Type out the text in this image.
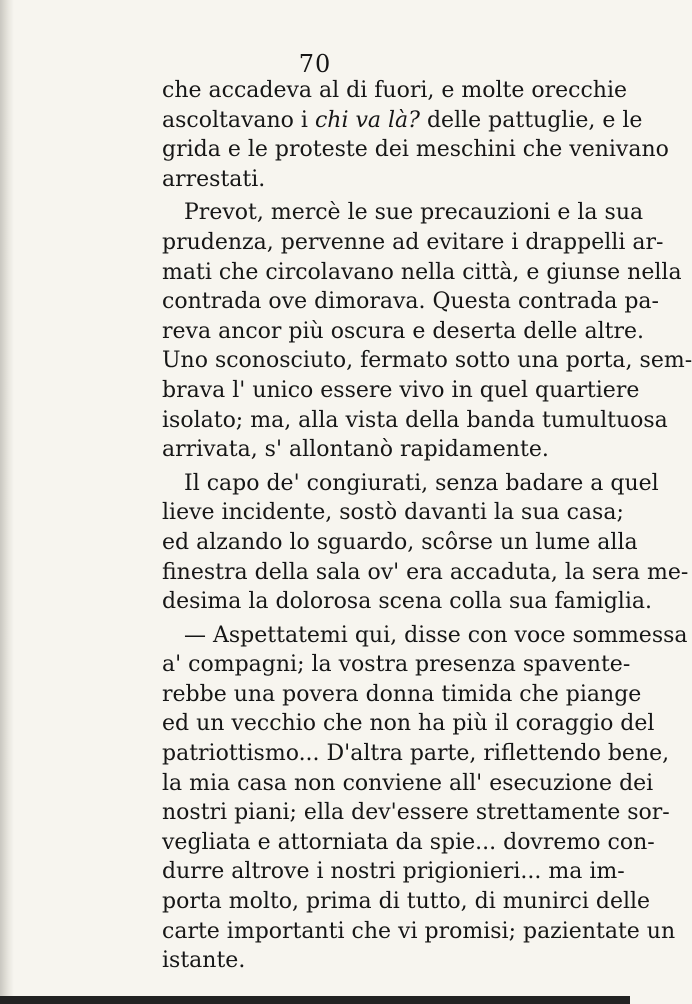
70
che accadeva al di fuori, e molte orecchie
ascoltavano i chi va là? delle pattuglie, e le
grida e le proteste dei meschini che venivano
arrestati.
Prevot, mercè le sue precauzioni e la sua
prudenza, pervenne ad evitare i drappelli ar-
mati che circolavano nella città, e giunse nella
contrada ove dimorava. Questa contrada pa-
reva ancor più oscura e deserta delle altre.
Uno sconosciuto, fermato sotto una porta, sem-
brava l' unico essere vivo in quel quartiere
isolato; ma, alla vista della banda tumultuosa
arrivata, s' allontanò rapidamente.
Il capo de' congiurati, senza badare a quel
lieve incidente, sostò davanti la sua casa;
ed alzando lo sguardo, scôrse un lume alla
finestra della sala ov' era accaduta, la sera me-
desima la dolorosa scena colla sua famiglia.
— Aspettatemi qui, disse con voce sommessa
a' compagni; la vostra presenza spavente-
rebbe una povera donna timida che piange
ed un vecchio che non ha più il coraggio del
patriottismo... D'altra parte, riflettendo bene,
la mia casa non conviene all' esecuzione dei
nostri piani; ella dev'essere strettamente sor-
vegliata e attorniata da spie... dovremo con-
durre altrove i nostri prigionieri... ma im-
porta molto, prima di tutto, di munirci delle
carte importanti che vi promisi; pazientate un
istante.
